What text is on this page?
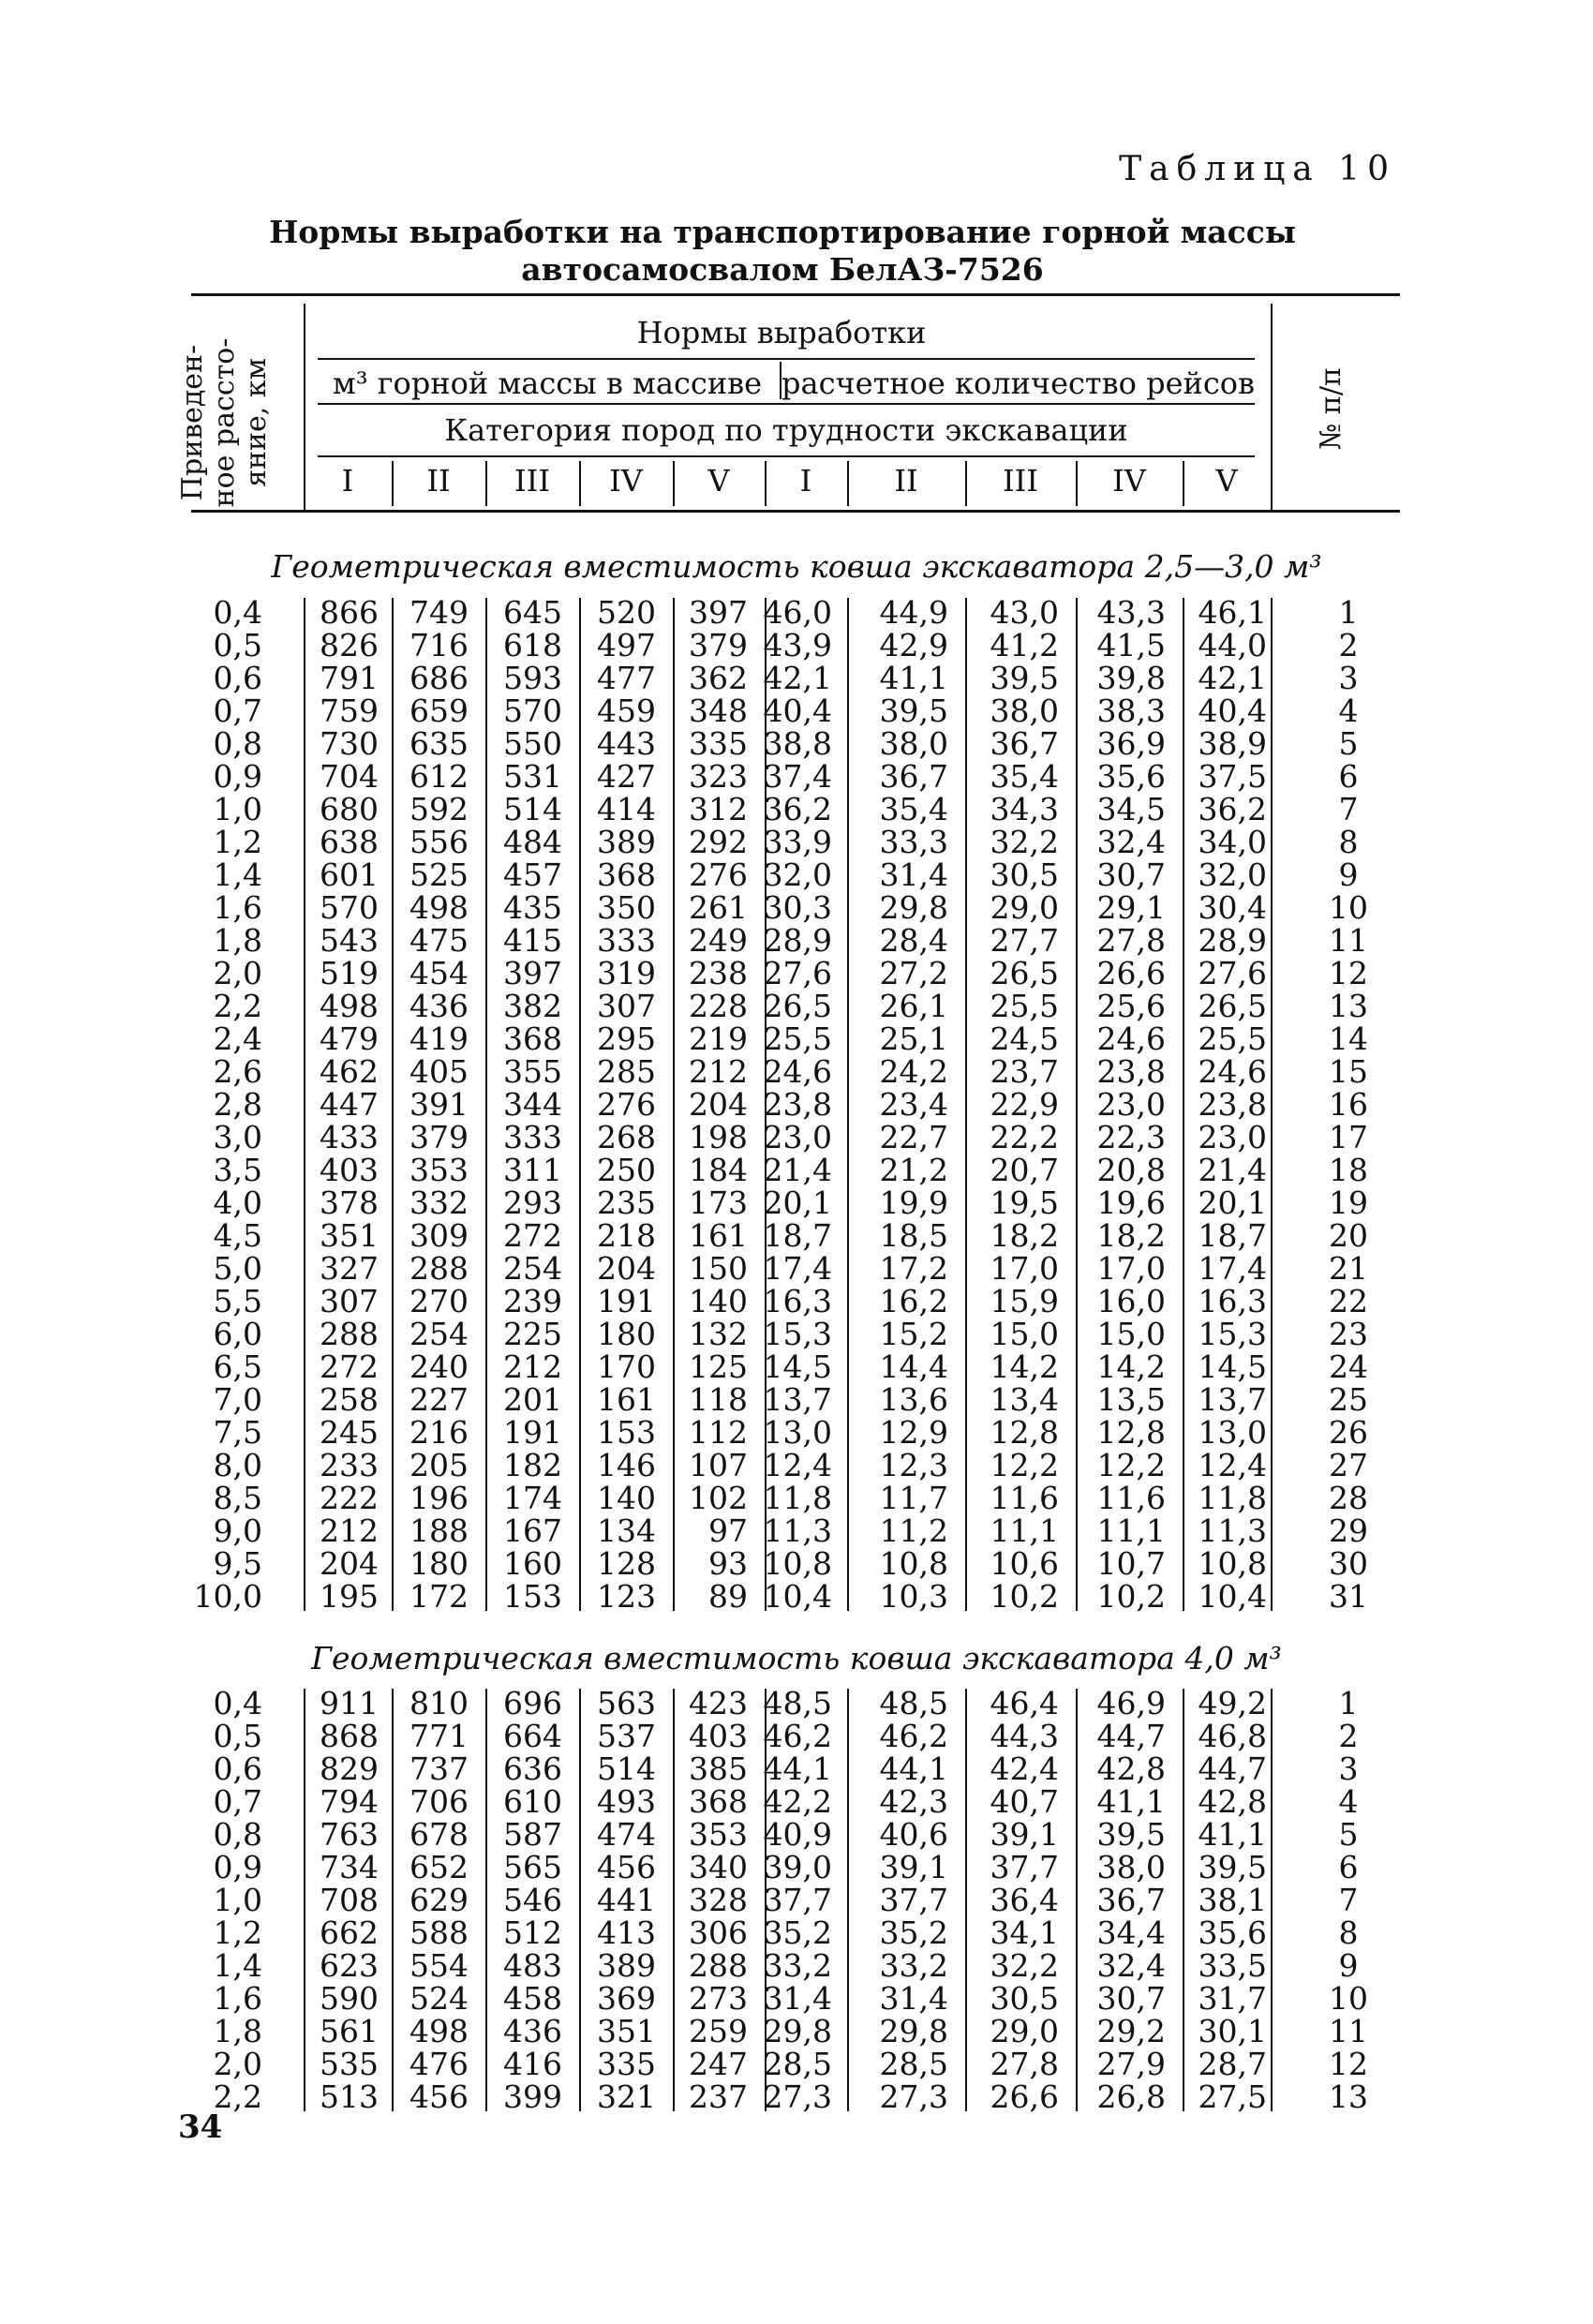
Таблица 10
Нормы выработки на транспортирование горной массы
автосамосвалом БелАЗ-7526
Приведен-ное рассто-яние, км
Нормы выработки
м³ горной массы в массиве расчетное количество рейсов
Категория пород по трудности экскавации
I	II	III	IV	V	I	II	III	IV	V
№ п/п
Геометрическая вместимость ковша экскаватора 2,5—3,0 м³
0,4	866	749	645	520	397 46,0	44,9	43,0	43,3	46,1	1
0,5	826	716	618	497	379 43,9	42,9	41,2	41,5	44,0	2
0,6	791	686	593	477	362 42,1	41,1	39,5	39,8	42,1	3
0,7	759	659	570	459	348 40,4	39,5	38,0	38,3	40,4	4
0,8	730	635	550	443	335 38,8	38,0	36,7	36,9	38,9	5
0,9	704	612	531	427	323 37,4	36,7	35,4	35,6	37,5	6
1,0	680	592	514	414	312 36,2	35,4	34,3	34,5	36,2	7
1,2	638	556	484	389	292 33,9	33,3	32,2	32,4	34,0	8
1,4	601	525	457	368	276 32,0	31,4	30,5	30,7	32,0	9
1,6	570	498	435	350	261 30,3	29,8	29,0	29,1	30,4	10
1,8	543	475	415	333	249 28,9	28,4	27,7	27,8	28,9	11
2,0	519	454	397	319	238 27,6	27,2	26,5	26,6	27,6	12
2,2	498	436	382	307	228 26,5	26,1	25,5	25,6	26,5	13
2,4	479	419	368	295	219 25,5	25,1	24,5	24,6	25,5	14
2,6	462	405	355	285	212 24,6	24,2	23,7	23,8	24,6	15
2,8	447	391	344	276	204 23,8	23,4	22,9	23,0	23,8	16
3,0	433	379	333	268	198 23,0	22,7	22,2	22,3	23,0	17
3,5	403	353	311	250	184 21,4	21,2	20,7	20,8	21,4	18
4,0	378	332	293	235	173 20,1	19,9	19,5	19,6	20,1	19
4,5	351	309	272	218	161 18,7	18,5	18,2	18,2	18,7	20
5,0	327	288	254	204	150 17,4	17,2	17,0	17,0	17,4	21
5,5	307	270	239	191	140 16,3	16,2	15,9	16,0	16,3	22
6,0	288	254	225	180	132 15,3	15,2	15,0	15,0	15,3	23
6,5	272	240	212	170	125 14,5	14,4	14,2	14,2	14,5	24
7,0	258	227	201	161	118 13,7	13,6	13,4	13,5	13,7	25
7,5	245	216	191	153	112 13,0	12,9	12,8	12,8	13,0	26
8,0	233	205	182	146	107 12,4	12,3	12,2	12,2	12,4	27
8,5	222	196	174	140	102 11,8	11,7	11,6	11,6	11,8	28
9,0	212	188	167	134	97 11,3	11,2	11,1	11,1	11,3	29
9,5	204	180	160	128	93 10,8	10,8	10,6	10,7	10,8	30
10,0	195	172	153	123	89 10,4	10,3	10,2	10,2	10,4	31
Геометрическая вместимость ковша экскаватора 4,0 м³
0,4	911	810	696	563	423 48,5	48,5	46,4	46,9	49,2	1
0,5	868	771	664	537	403 46,2	46,2	44,3	44,7	46,8	2
0,6	829	737	636	514	385 44,1	44,1	42,4	42,8	44,7	3
0,7	794	706	610	493	368 42,2	42,3	40,7	41,1	42,8	4
0,8	763	678	587	474	353 40,9	40,6	39,1	39,5	41,1	5
0,9	734	652	565	456	340 39,0	39,1	37,7	38,0	39,5	6
1,0	708	629	546	441	328 37,7	37,7	36,4	36,7	38,1	7
1,2	662	588	512	413	306 35,2	35,2	34,1	34,4	35,6	8
1,4	623	554	483	389	288 33,2	33,2	32,2	32,4	33,5	9
1,6	590	524	458	369	273 31,4	31,4	30,5	30,7	31,7	10
1,8	561	498	436	351	259 29,8	29,8	29,0	29,2	30,1	11
2,0	535	476	416	335	247 28,5	28,5	27,8	27,9	28,7	12
2,2	513	456	399	321	237 27,3	27,3	26,6	26,8	27,5	13
34
